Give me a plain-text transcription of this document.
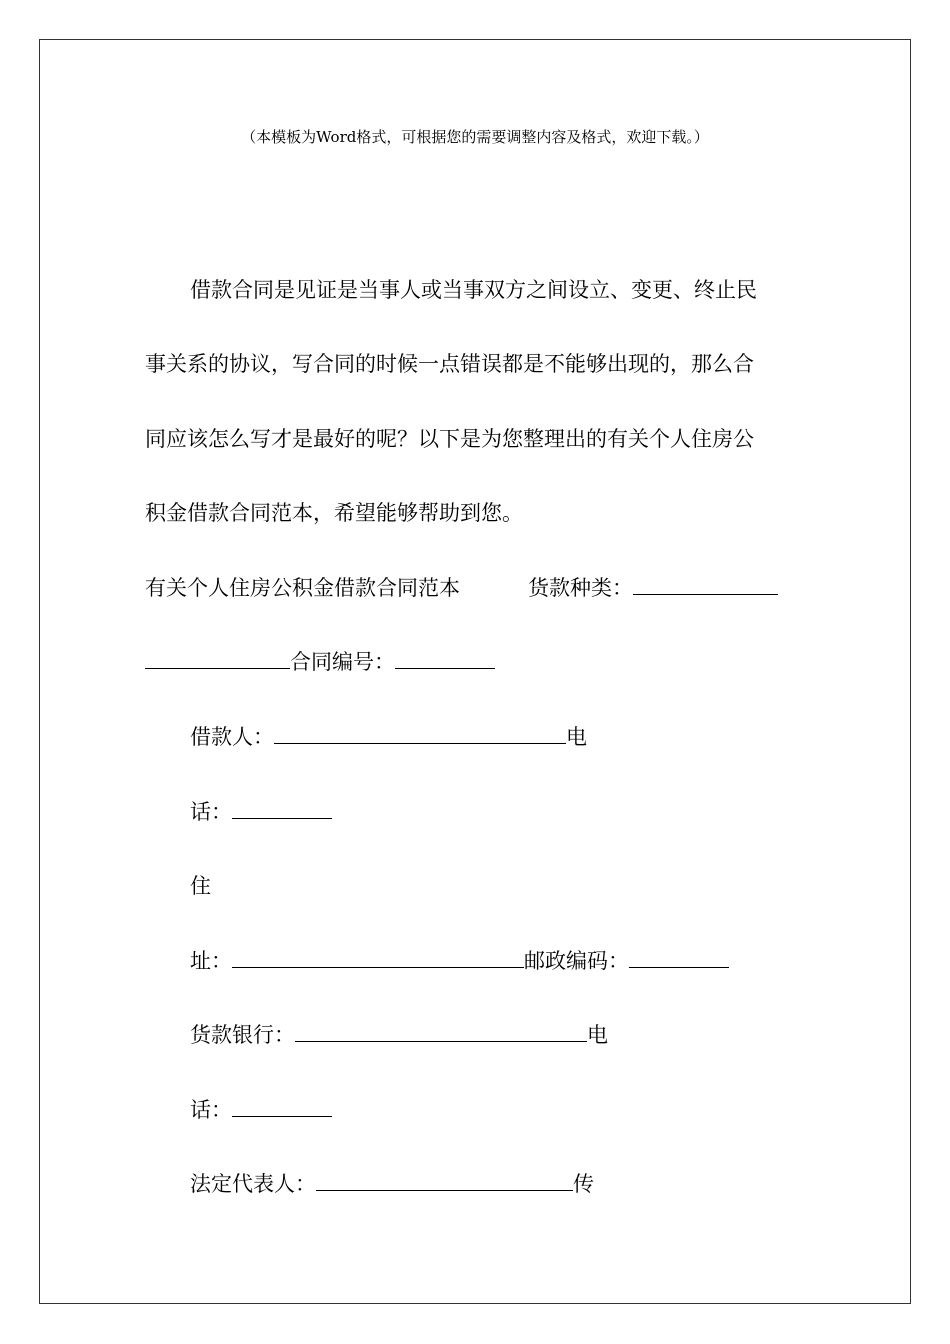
（本模板为Word格式，可根据您的需要调整内容及格式，欢迎下载。）
借款合同是见证是当事人或当事双方之间设立、变更、终止民
事关系的协议，写合同的时候一点错误都是不能够出现的，那么合
同应该怎么写才是最好的呢？以下是为您整理出的有关个人住房公
积金借款合同范本，希望能够帮助到您。
有关个人住房公积金借款合同范本	货款种类：
合同编号：
借款人：	电
话：
住
址：	邮政编码：
货款银行：	电
话：
法定代表人：	传
